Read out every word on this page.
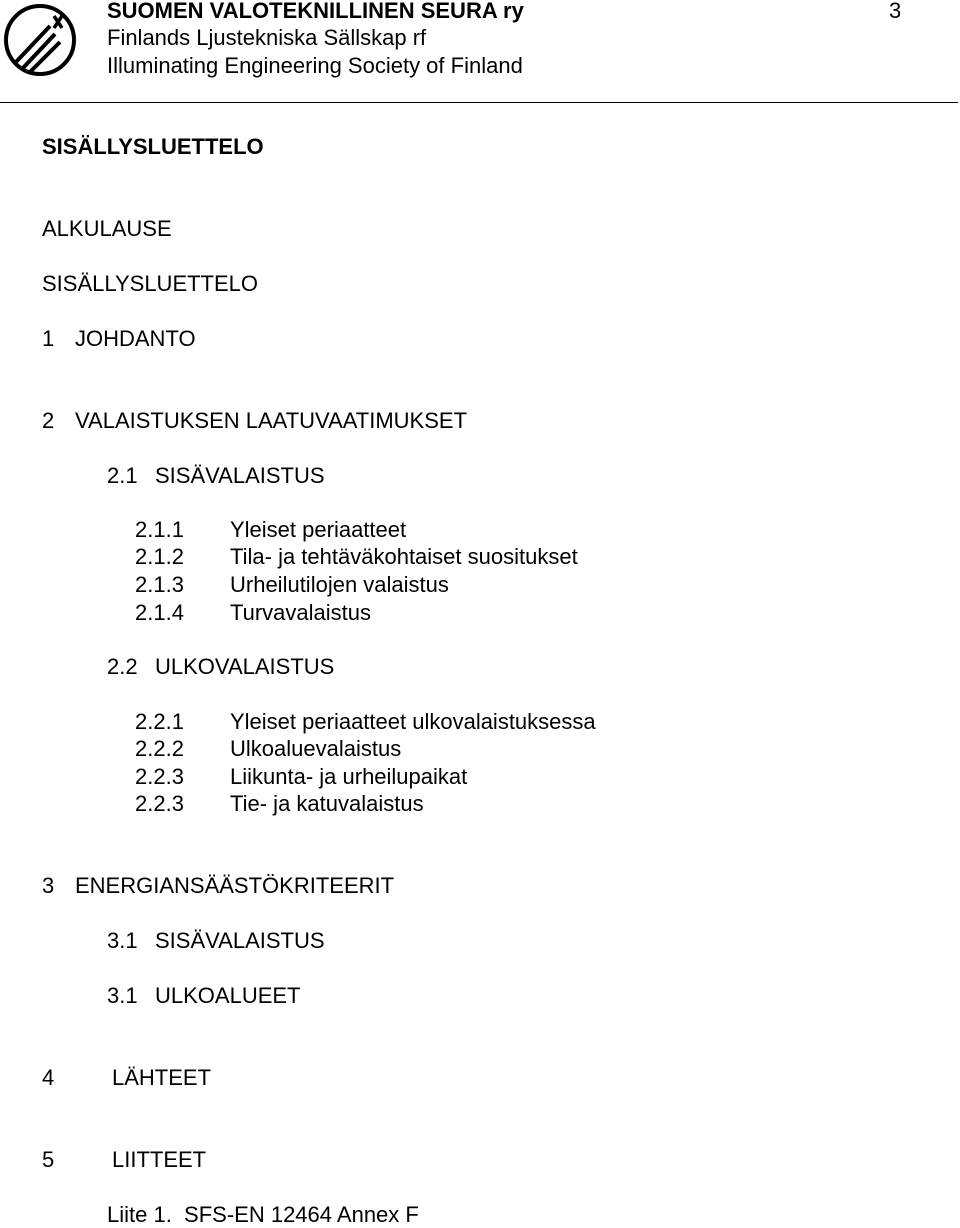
SUOMEN VALOTEKNILLINEN SEURA ry
Finlands Ljustekniska Sällskap rf
Illuminating Engineering Society of Finland
3
SISÄLLYSLUETTELO
ALKULAUSE
SISÄLLYSLUETTELO
1 JOHDANTO
2 VALAISTUKSEN LAATUVAATIMUKSET
2.1 SISÄVALAISTUS
2.1.1 Yleiset periaatteet
2.1.2 Tila- ja tehtäväkohtaiset suositukset
2.1.3 Urheilutilojen valaistus
2.1.4 Turvavalaistus
2.2 ULKOVALAISTUS
2.2.1 Yleiset periaatteet ulkovalaistuksessa
2.2.2 Ulkoaluevalaistus
2.2.3 Liikunta- ja urheilupaikat
2.2.3 Tie- ja katuvalaistus
3 ENERGIANSÄÄSTÖKRITEERIT
3.1 SISÄVALAISTUS
3.1 ULKOALUEET
4	LÄHTEET
5	LIITTEET
Liite 1.  SFS-EN 12464 Annex F
